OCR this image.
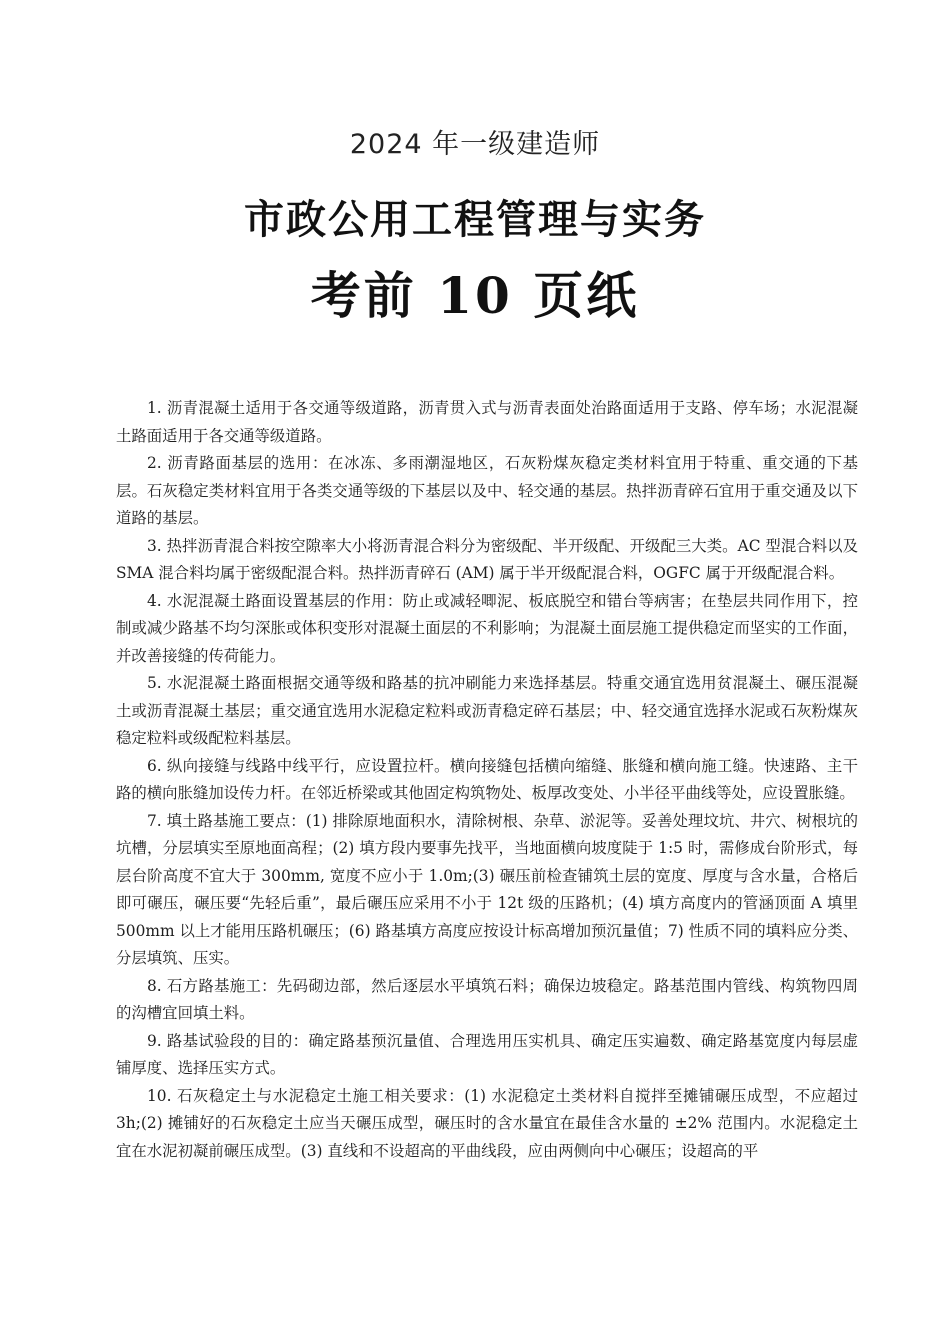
2024 年一级建造师
市政公用工程管理与实务
考前 10 页纸

1. 沥青混凝土适用于各交通等级道路，沥青贯入式与沥青表面处治路面适用于支路、停车场；水泥混凝土路面适用于各交通等级道路。

2. 沥青路面基层的选用：在冰冻、多雨潮湿地区，石灰粉煤灰稳定类材料宜用于特重、重交通的下基层。石灰稳定类材料宜用于各类交通等级的下基层以及中、轻交通的基层。热拌沥青碎石宜用于重交通及以下道路的基层。

3. 热拌沥青混合料按空隙率大小将沥青混合料分为密级配、半开级配、开级配三大类。AC 型混合料以及 SMA 混合料均属于密级配混合料。热拌沥青碎石 (AM) 属于半开级配混合料，OGFC 属于开级配混合料。

4. 水泥混凝土路面设置基层的作用：防止或减轻唧泥、板底脱空和错台等病害；在垫层共同作用下，控制或减少路基不均匀深胀或体积变形对混凝土面层的不利影响；为混凝土面层施工提供稳定而坚实的工作面，并改善接缝的传荷能力。

5. 水泥混凝土路面根据交通等级和路基的抗冲刷能力来选择基层。特重交通宜选用贫混凝土、碾压混凝土或沥青混凝土基层；重交通宜选用水泥稳定粒料或沥青稳定碎石基层；中、轻交通宜选择水泥或石灰粉煤灰稳定粒料或级配粒料基层。

6. 纵向接缝与线路中线平行，应设置拉杆。横向接缝包括横向缩缝、胀缝和横向施工缝。快速路、主干路的横向胀缝加设传力杆。在邻近桥梁或其他固定构筑物处、板厚改变处、小半径平曲线等处，应设置胀缝。

7. 填土路基施工要点：(1) 排除原地面积水，清除树根、杂草、淤泥等。妥善处理坟坑、井穴、树根坑的坑槽，分层填实至原地面高程；(2) 填方段内要事先找平，当地面横向坡度陡于 1:5 时，需修成台阶形式，每层台阶高度不宜大于 300mm, 宽度不应小于 1.0m;(3) 碾压前检查铺筑土层的宽度、厚度与含水量，合格后即可碾压，碾压要“先轻后重”，最后碾压应采用不小于 12t 级的压路机；(4) 填方高度内的管涵顶面 A 填里 500mm 以上才能用压路机碾压；(6) 路基填方高度应按设计标高增加预沉量值；7) 性质不同的填料应分类、分层填筑、压实。

8. 石方路基施工：先码砌边部，然后逐层水平填筑石料；确保边坡稳定。路基范围内管线、构筑物四周的沟槽宜回填土料。

9. 路基试验段的目的：确定路基预沉量值、合理选用压实机具、确定压实遍数、确定路基宽度内每层虚铺厚度、选择压实方式。

10. 石灰稳定土与水泥稳定土施工相关要求：(1) 水泥稳定土类材料自搅拌至摊铺碾压成型，不应超过 3h;(2) 摊铺好的石灰稳定土应当天碾压成型，碾压时的含水量宜在最佳含水量的 ±2% 范围内。水泥稳定土宜在水泥初凝前碾压成型。(3) 直线和不设超高的平曲线段，应由两侧向中心碾压；设超高的平
